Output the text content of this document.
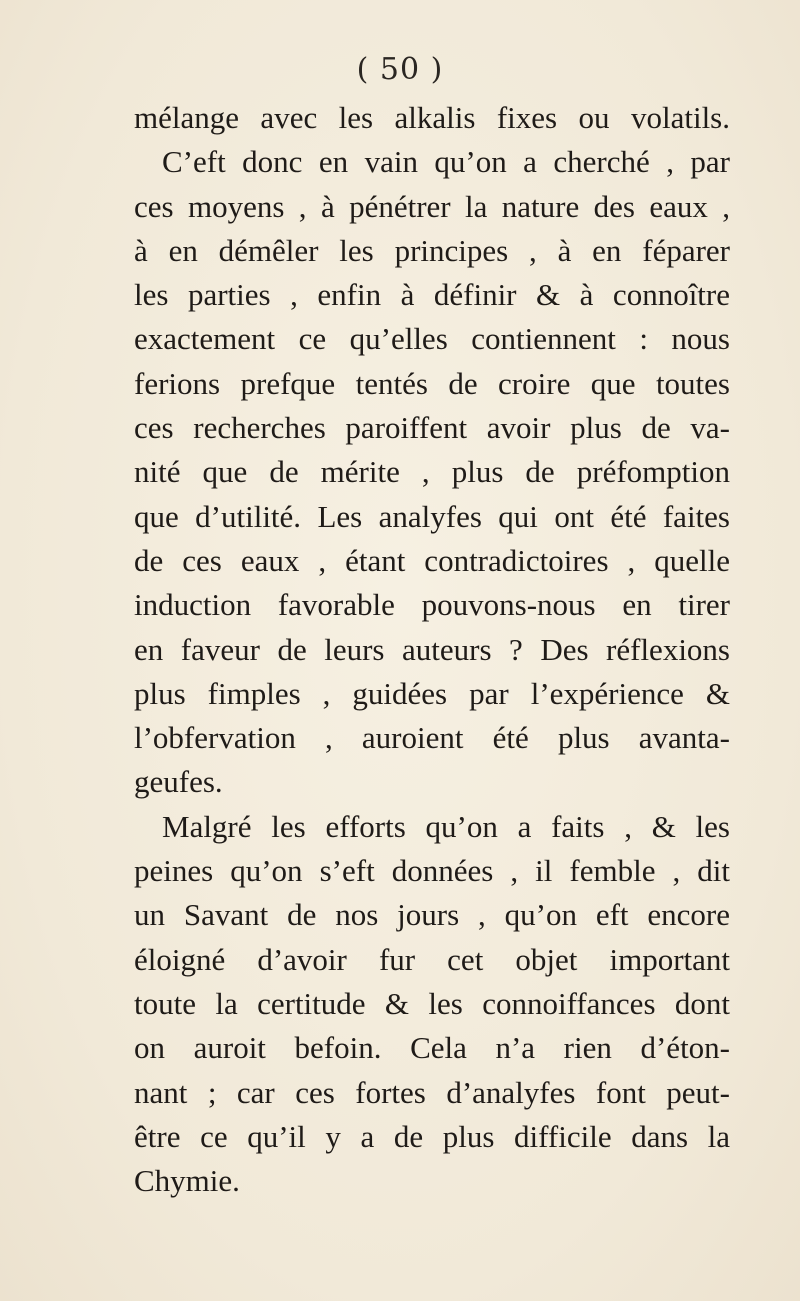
( 50 )
mélange avec les alkalis fixes ou volatils.
C’eft donc en vain qu’on a cherché , par
ces moyens , à pénétrer la nature des eaux ,
à en démêler les principes , à en féparer
les parties , enfin à définir & à connoître
exactement ce qu’elles contiennent : nous
ferions prefque tentés de croire que toutes
ces recherches paroiffent avoir plus de va-
nité que de mérite , plus de préfomption
que d’utilité. Les analyfes qui ont été faites
de ces eaux , étant contradictoires , quelle
induction favorable pouvons-nous en tirer
en faveur de leurs auteurs ? Des réflexions
plus fimples , guidées par l’expérience &
l’obfervation , auroient été plus avanta-
geufes.
Malgré les efforts qu’on a faits , & les
peines qu’on s’eft données , il femble , dit
un Savant de nos jours , qu’on eft encore
éloigné d’avoir fur cet objet important
toute la certitude & les connoiffances dont
on auroit befoin. Cela n’a rien d’éton-
nant ; car ces fortes d’analyfes font peut-
être ce qu’il y a de plus difficile dans la
Chymie.
